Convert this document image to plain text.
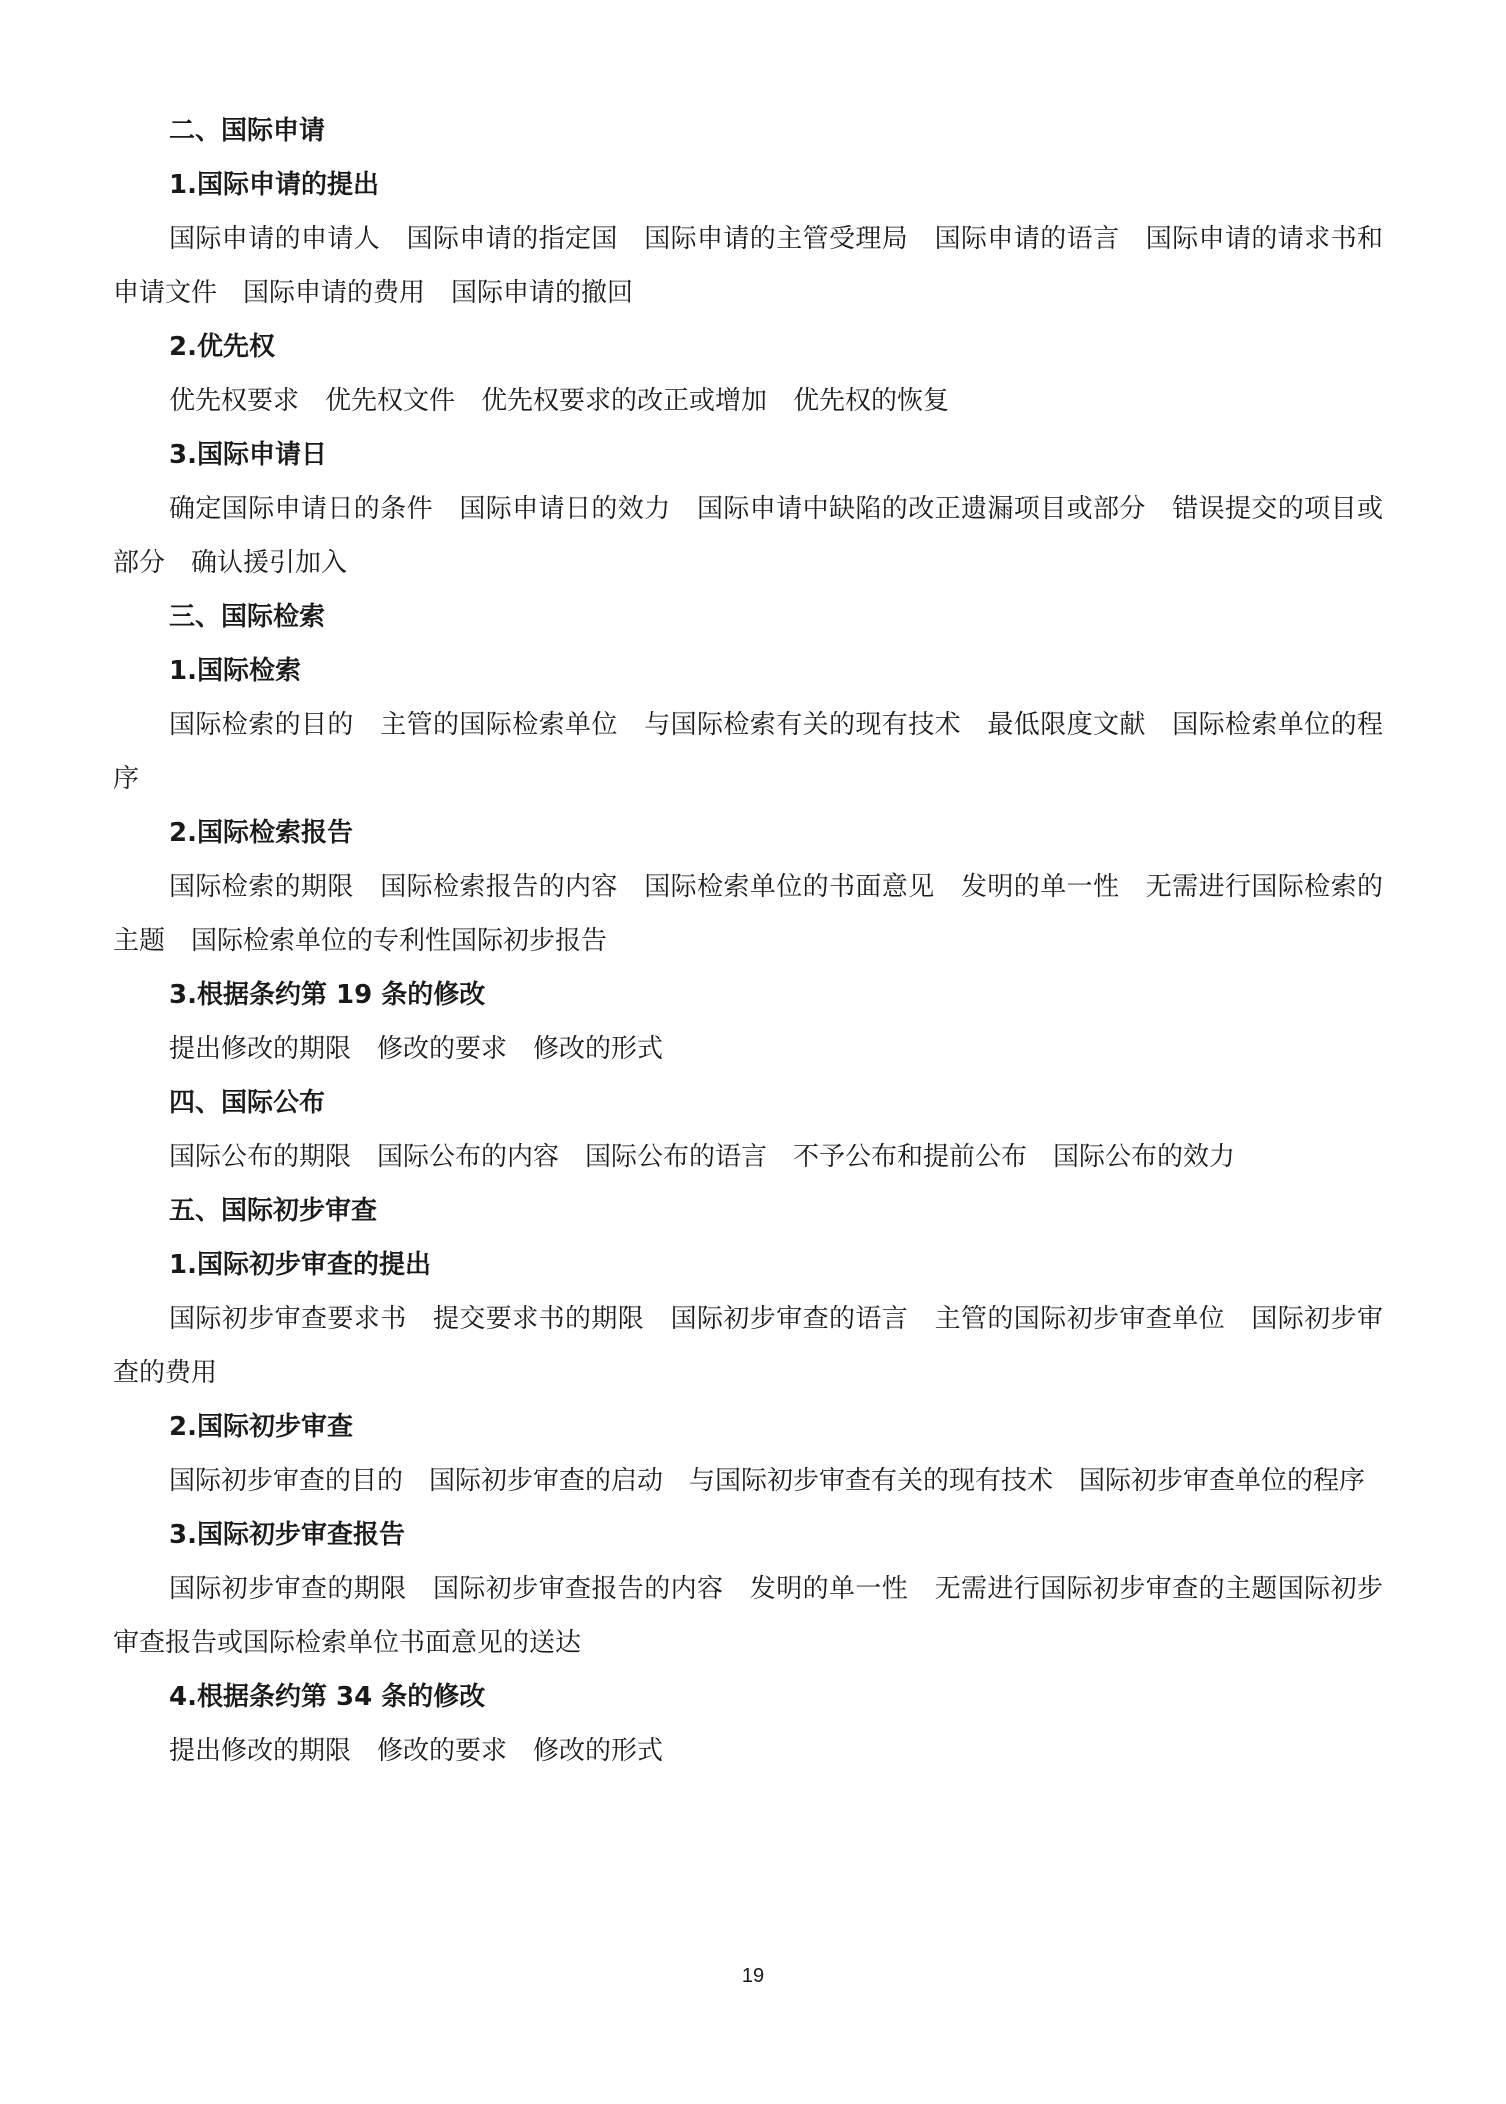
二、国际申请
1.国际申请的提出

国际申请的申请人　国际申请的指定国　国际申请的主管受理局　国际申请的语言　国际申请的请求书和申请文件　国际申请的费用　国际申请的撤回

2.优先权

优先权要求　优先权文件　优先权要求的改正或增加　优先权的恢复

3.国际申请日

确定国际申请日的条件　国际申请日的效力　国际申请中缺陷的改正遗漏项目或部分　错误提交的项目或部分　确认援引加入

三、国际检索
1.国际检索

国际检索的目的　主管的国际检索单位　与国际检索有关的现有技术　最低限度文献　国际检索单位的程序

2.国际检索报告

国际检索的期限　国际检索报告的内容　国际检索单位的书面意见　发明的单一性　无需进行国际检索的主题　国际检索单位的专利性国际初步报告

3.根据条约第 19 条的修改

提出修改的期限　修改的要求　修改的形式

四、国际公布

国际公布的期限　国际公布的内容　国际公布的语言　不予公布和提前公布　国际公布的效力

五、国际初步审查
1.国际初步审查的提出

国际初步审查要求书　提交要求书的期限　国际初步审查的语言　主管的国际初步审查单位　国际初步审查的费用

2.国际初步审查

国际初步审查的目的　国际初步审查的启动　与国际初步审查有关的现有技术　国际初步审查单位的程序

3.国际初步审查报告

国际初步审查的期限　国际初步审查报告的内容　发明的单一性　无需进行国际初步审查的主题国际初步审查报告或国际检索单位书面意见的送达

4.根据条约第 34 条的修改

提出修改的期限　修改的要求　修改的形式

19
